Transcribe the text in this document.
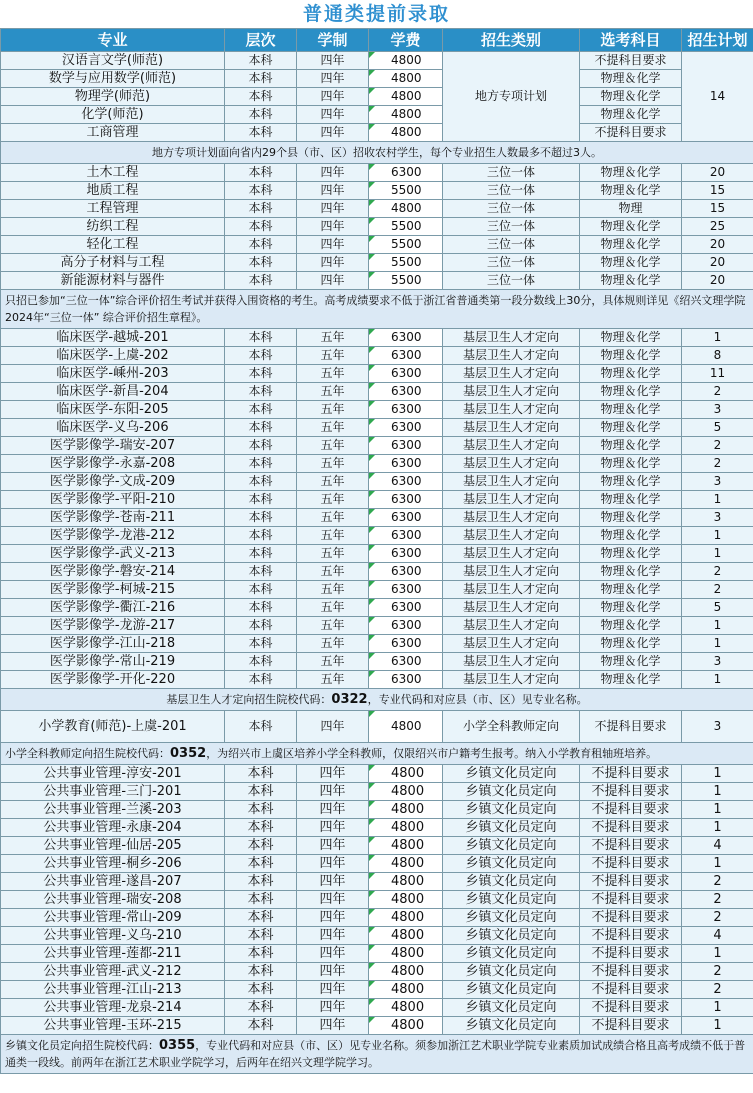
普通类提前录取
专业	层次	学制	学费	招生类别	选考科目	招生计划
汉语言文学(师范)	本科	四年	4800	地方专项计划	不提科目要求	14
数学与应用数学(师范)	本科	四年	4800		物理＆化学	
物理学(师范)	本科	四年	4800		物理＆化学	
化学(师范)	本科	四年	4800		物理＆化学	
工商管理	本科	四年	4800		不提科目要求	
地方专项计划面向省内29个县（市、区）招收农村学生，每个专业招生人数最多不超过3人。						
土木工程	本科	四年	6300	三位一体	物理＆化学	20
地质工程	本科	四年	5500	三位一体	物理＆化学	15
工程管理	本科	四年	4800	三位一体	物理	15
纺织工程	本科	四年	5500	三位一体	物理＆化学	25
轻化工程	本科	四年	5500	三位一体	物理＆化学	20
高分子材料与工程	本科	四年	5500	三位一体	物理＆化学	20
新能源材料与器件	本科	四年	5500	三位一体	物理＆化学	20
只招已参加“三位一体”综合评价招生考试并获得入围资格的考生。高考成绩要求不低于浙江省普通类第一段分数线上30分，具体规则详见《绍兴文理学院2024年“三位一体” 综合评价招生章程》。						
临床医学-越城-201	本科	五年	6300	基层卫生人才定向	物理＆化学	1
临床医学-上虞-202	本科	五年	6300	基层卫生人才定向	物理＆化学	8
临床医学-嵊州-203	本科	五年	6300	基层卫生人才定向	物理＆化学	11
临床医学-新昌-204	本科	五年	6300	基层卫生人才定向	物理＆化学	2
临床医学-东阳-205	本科	五年	6300	基层卫生人才定向	物理＆化学	3
临床医学-义乌-206	本科	五年	6300	基层卫生人才定向	物理＆化学	5
医学影像学-瑞安-207	本科	五年	6300	基层卫生人才定向	物理＆化学	2
医学影像学-永嘉-208	本科	五年	6300	基层卫生人才定向	物理＆化学	2
医学影像学-文成-209	本科	五年	6300	基层卫生人才定向	物理＆化学	3
医学影像学-平阳-210	本科	五年	6300	基层卫生人才定向	物理＆化学	1
医学影像学-苍南-211	本科	五年	6300	基层卫生人才定向	物理＆化学	3
医学影像学-龙港-212	本科	五年	6300	基层卫生人才定向	物理＆化学	1
医学影像学-武义-213	本科	五年	6300	基层卫生人才定向	物理＆化学	1
医学影像学-磐安-214	本科	五年	6300	基层卫生人才定向	物理＆化学	2
医学影像学-柯城-215	本科	五年	6300	基层卫生人才定向	物理＆化学	2
医学影像学-衢江-216	本科	五年	6300	基层卫生人才定向	物理＆化学	5
医学影像学-龙游-217	本科	五年	6300	基层卫生人才定向	物理＆化学	1
医学影像学-江山-218	本科	五年	6300	基层卫生人才定向	物理＆化学	1
医学影像学-常山-219	本科	五年	6300	基层卫生人才定向	物理＆化学	3
医学影像学-开化-220	本科	五年	6300	基层卫生人才定向	物理＆化学	1
基层卫生人才定向招生院校代码：0322，专业代码和对应县（市、区）见专业名称。						
小学教育(师范)-上虞-201	本科	四年	4800	小学全科教师定向	不提科目要求	3
小学全科教师定向招生院校代码：0352，为绍兴市上虞区培养小学全科教师，仅限绍兴市户籍考生报考。纳入小学教育租轴班培养。						
公共事业管理-淳安-201	本科	四年	4800	乡镇文化员定向	不提科目要求	1
公共事业管理-三门-201	本科	四年	4800	乡镇文化员定向	不提科目要求	1
公共事业管理-兰溪-203	本科	四年	4800	乡镇文化员定向	不提科目要求	1
公共事业管理-永康-204	本科	四年	4800	乡镇文化员定向	不提科目要求	1
公共事业管理-仙居-205	本科	四年	4800	乡镇文化员定向	不提科目要求	4
公共事业管理-桐乡-206	本科	四年	4800	乡镇文化员定向	不提科目要求	1
公共事业管理-遂昌-207	本科	四年	4800	乡镇文化员定向	不提科目要求	2
公共事业管理-瑞安-208	本科	四年	4800	乡镇文化员定向	不提科目要求	2
公共事业管理-常山-209	本科	四年	4800	乡镇文化员定向	不提科目要求	2
公共事业管理-义乌-210	本科	四年	4800	乡镇文化员定向	不提科目要求	4
公共事业管理-莲都-211	本科	四年	4800	乡镇文化员定向	不提科目要求	1
公共事业管理-武义-212	本科	四年	4800	乡镇文化员定向	不提科目要求	2
公共事业管理-江山-213	本科	四年	4800	乡镇文化员定向	不提科目要求	2
公共事业管理-龙泉-214	本科	四年	4800	乡镇文化员定向	不提科目要求	1
公共事业管理-玉环-215	本科	四年	4800	乡镇文化员定向	不提科目要求	1
乡镇文化员定向招生院校代码：0355，专业代码和对应县（市、区）见专业名称。须参加浙江艺术职业学院专业素质加试成绩合格且高考成绩不低于普通类一段线。前两年在浙江艺术职业学院学习，后两年在绍兴文理学院学习。						
